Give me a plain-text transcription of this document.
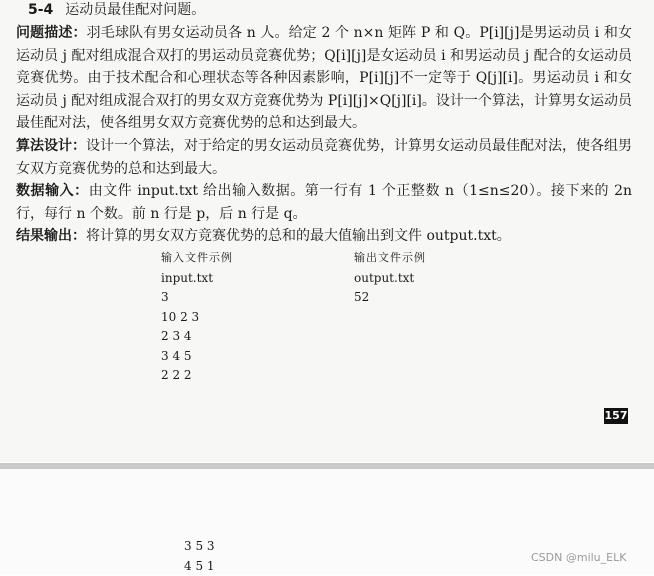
5-4 运动员最佳配对问题。
问题描述：羽毛球队有男女运动员各 n 人。给定 2 个 n×n 矩阵 P 和 Q。P[i][j]是男运动员 i 和女运动员 j 配对组成混合双打的男运动员竞赛优势；Q[i][j]是女运动员 i 和男运动员 j 配合的女运动员竞赛优势。由于技术配合和心理状态等各种因素影响，P[i][j]不一定等于 Q[j][i]。男运动员 i 和女运动员 j 配对组成混合双打的男女双方竞赛优势为 P[i][j]×Q[j][i]。设计一个算法，计算男女运动员最佳配对法，使各组男女双方竞赛优势的总和达到最大。
算法设计：设计一个算法，对于给定的男女运动员竞赛优势，计算男女运动员最佳配对法，使各组男女双方竞赛优势的总和达到最大。
数据输入：由文件 input.txt 给出输入数据。第一行有 1 个正整数 n（1≤n≤20）。接下来的 2n 行，每行 n 个数。前 n 行是 p，后 n 行是 q。
结果输出：将计算的男女双方竞赛优势的总和的最大值输出到文件 output.txt。
输入文件示例
input.txt
3
10 2 3
2 3 4
3 4 5
2 2 2
输出文件示例
output.txt
52
157
3 5 3
4 5 1
CSDN @milu_ELK
